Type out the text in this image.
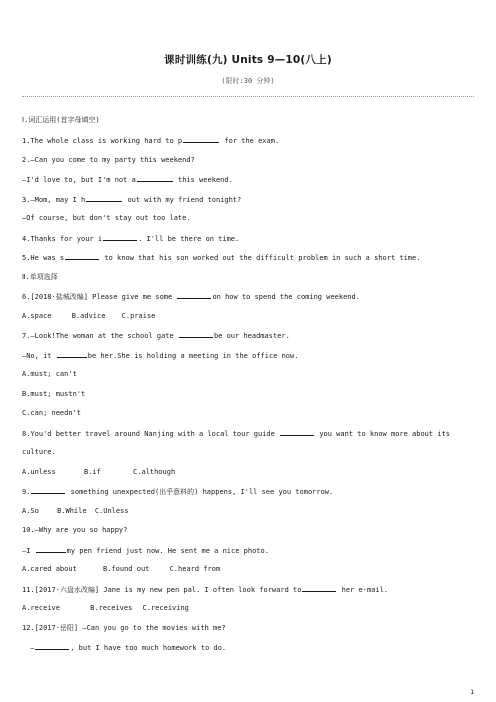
课时训练(九) Units 9—10(八上)
(限时:30 分钟)
Ⅰ.词汇运用(首字母填空)
1.The whole class is working hard to p	for the exam.
2.—Can you come to my party this weekend?
—I'd love to, but I'm not a	this weekend.
3.—Mom, may I h	out with my friend tonight?
—Of course, but don't stay out too late.
4.Thanks for your i	. I'll be there on time.
5.He was s	to know that his son worked out the difficult problem in such a short time.
Ⅱ.单项选择
6.[2018·盐城改编] Please give me some	on how to spend the coming weekend.
A.space	B.advice C.praise
7.—Look!The woman at the school gate	be our headmaster.
—No, it	be her.She is holding a meeting in the office now.
A.must; can't
B.must; mustn't
C.can; needn't
8.You'd better travel around Nanjing with a local tour guide	you want to know more about its
culture.
A.unless	B.if	C.although
9.	something unexpected(出乎意料的) happens, I'll see you tomorrow.
A.So	B.While C.Unless
10.—Why are you so happy?
—I	my pen friend just now. He sent me a nice photo.
A.cared about	B.found out	C.heard from
11.[2017·六盘水改编] Jane is my new pen pal. I often look forward to	her e-mail.
A.receive	B.receives C.receiving
12.[2017·岳阳] —Can you go to the movies with me?
—	, but I have too much homework to do.
1
